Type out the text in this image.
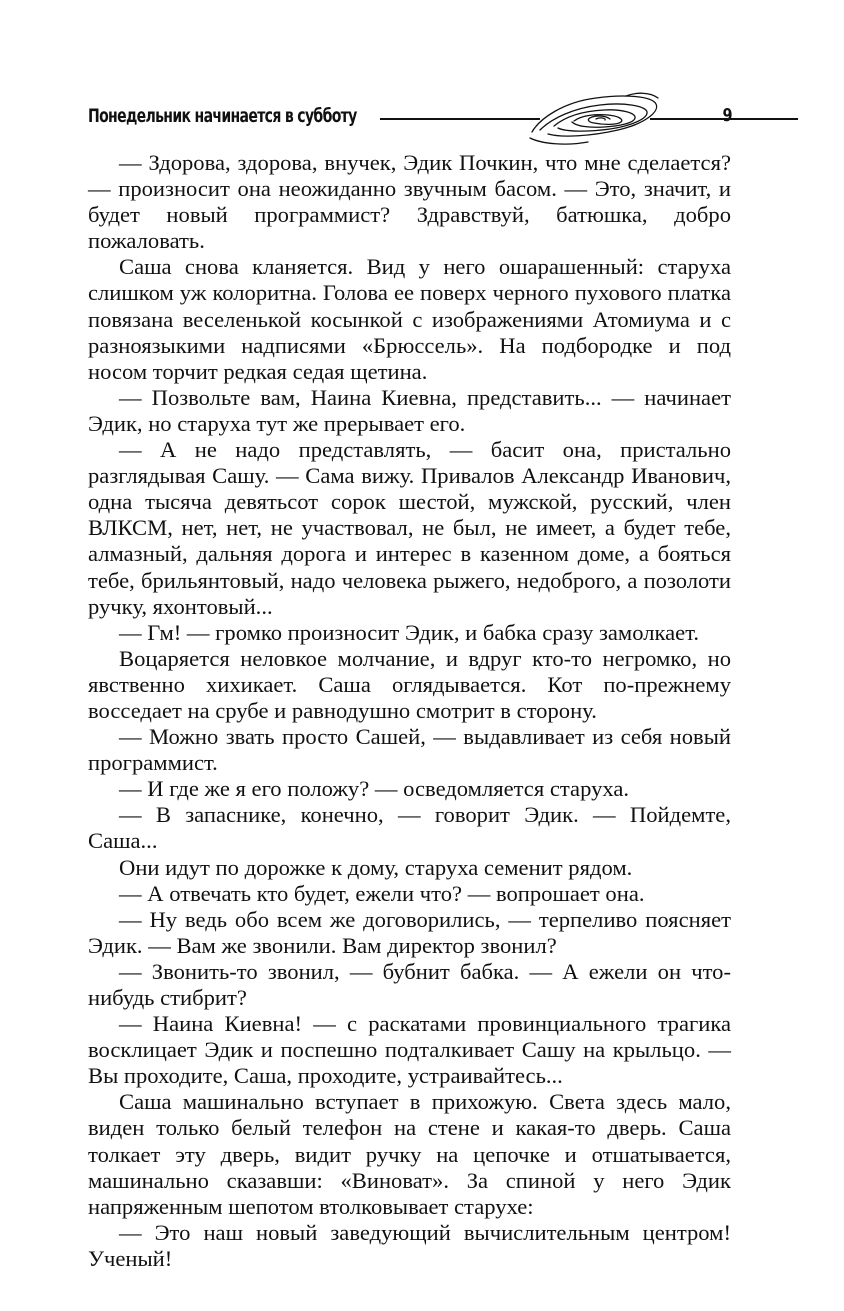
Понедельник начинается в субботу	9

— Здорова, здорова, внучек, Эдик Почкин, что мне сделается? — произносит она неожиданно звучным басом. — Это, значит, и будет новый программист? Здравствуй, батюшка, добро пожаловать.

Саша снова кланяется. Вид у него ошарашенный: старуха слишком уж колоритна. Голова ее поверх черного пухового платка повязана веселенькой косынкой с изображениями Атомиума и с разноязыкими надписями «Брюссель». На подбородке и под носом торчит редкая седая щетина.

— Позвольте вам, Наина Киевна, представить... — начинает Эдик, но старуха тут же прерывает его.

— А не надо представлять, — басит она, пристально разглядывая Сашу. — Сама вижу. Привалов Александр Иванович, одна тысяча девятьсот сорок шестой, мужской, русский, член ВЛКСМ, нет, нет, не участвовал, не был, не имеет, а будет тебе, алмазный, дальняя дорога и интерес в казенном доме, а бояться тебе, брильянтовый, надо человека рыжего, недоброго, а позолоти ручку, яхонтовый...

— Гм! — громко произносит Эдик, и бабка сразу замолкает.

Воцаряется неловкое молчание, и вдруг кто-то негромко, но явственно хихикает. Саша оглядывается. Кот по-прежнему восседает на срубе и равнодушно смотрит в сторону.

— Можно звать просто Сашей, — выдавливает из себя новый программист.

— И где же я его положу? — осведомляется старуха.

— В запаснике, конечно, — говорит Эдик. — Пойдемте, Саша...

Они идут по дорожке к дому, старуха семенит рядом.

— А отвечать кто будет, ежели что? — вопрошает она.

— Ну ведь обо всем же договорились, — терпеливо поясняет Эдик. — Вам же звонили. Вам директор звонил?

— Звонить-то звонил, — бубнит бабка. — А ежели он что-нибудь стибрит?

— Наина Киевна! — с раскатами провинциального трагика восклицает Эдик и поспешно подталкивает Сашу на крыльцо. — Вы проходите, Саша, проходите, устраивайтесь...

Саша машинально вступает в прихожую. Света здесь мало, виден только белый телефон на стене и какая-то дверь. Саша толкает эту дверь, видит ручку на цепочке и отшатывается, машинально сказавши: «Виноват». За спиной у него Эдик напряженным шепотом втолковывает старухе:

— Это наш новый заведующий вычислительным центром! Ученый!
